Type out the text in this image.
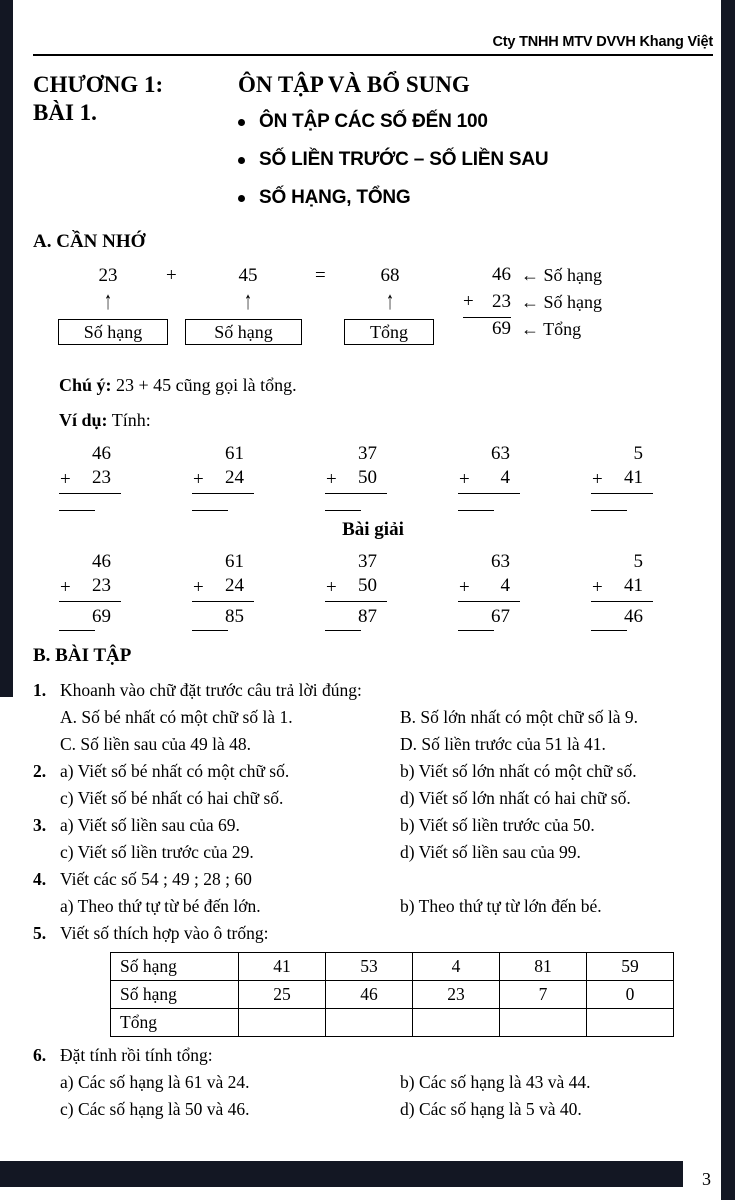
Cty TNHH MTV DVVH Khang Việt
CHƯƠNG 1:	ÔN TẬP VÀ BỔ SUNG
BÀI 1.	ÔN TẬP CÁC SỐ ĐẾN 100
SỐ LIỀN TRƯỚC – SỐ LIỀN SAU
SỐ HẠNG, TỔNG
A. CẦN NHỚ
23	+	45	=	68
↑	↑	↑
Số hạng	Số hạng	Tổng
46 ← Số hạng
+ 23 ← Số hạng
69 ← Tổng
Chú ý: 23 + 45 cũng gọi là tổng.
Ví dụ: Tính:
46
+ 23
61
+ 24
37
+ 50
63
+ 4
5
+ 41
Bài giải
46
+ 23
69
61
+ 24
85
37
+ 50
87
63
+ 4
67
5
+ 41
46
B. BÀI TẬP
1. Khoanh vào chữ đặt trước câu trả lời đúng:
A. Số bé nhất có một chữ số là 1.	B. Số lớn nhất có một chữ số là 9.
C. Số liền sau của 49 là 48.	D. Số liền trước của 51 là 41.
2. a) Viết số bé nhất có một chữ số.	b) Viết số lớn nhất có một chữ số.
c) Viết số bé nhất có hai chữ số.	d) Viết số lớn nhất có hai chữ số.
3. a) Viết số liền sau của 69.	b) Viết số liền trước của 50.
c) Viết số liền trước của 29.	d) Viết số liền sau của 99.
4. Viết các số 54 ; 49 ; 28 ; 60
a) Theo thứ tự từ bé đến lớn.	b) Theo thứ tự từ lớn đến bé.
5. Viết số thích hợp vào ô trống:
Số hạng	41	53	4	81	59
Số hạng	25	46	23	7	0
Tổng					
6. Đặt tính rồi tính tổng:
a) Các số hạng là 61 và 24.	b) Các số hạng là 43 và 44.
c) Các số hạng là 50 và 46.	d) Các số hạng là 5 và 40.
3
